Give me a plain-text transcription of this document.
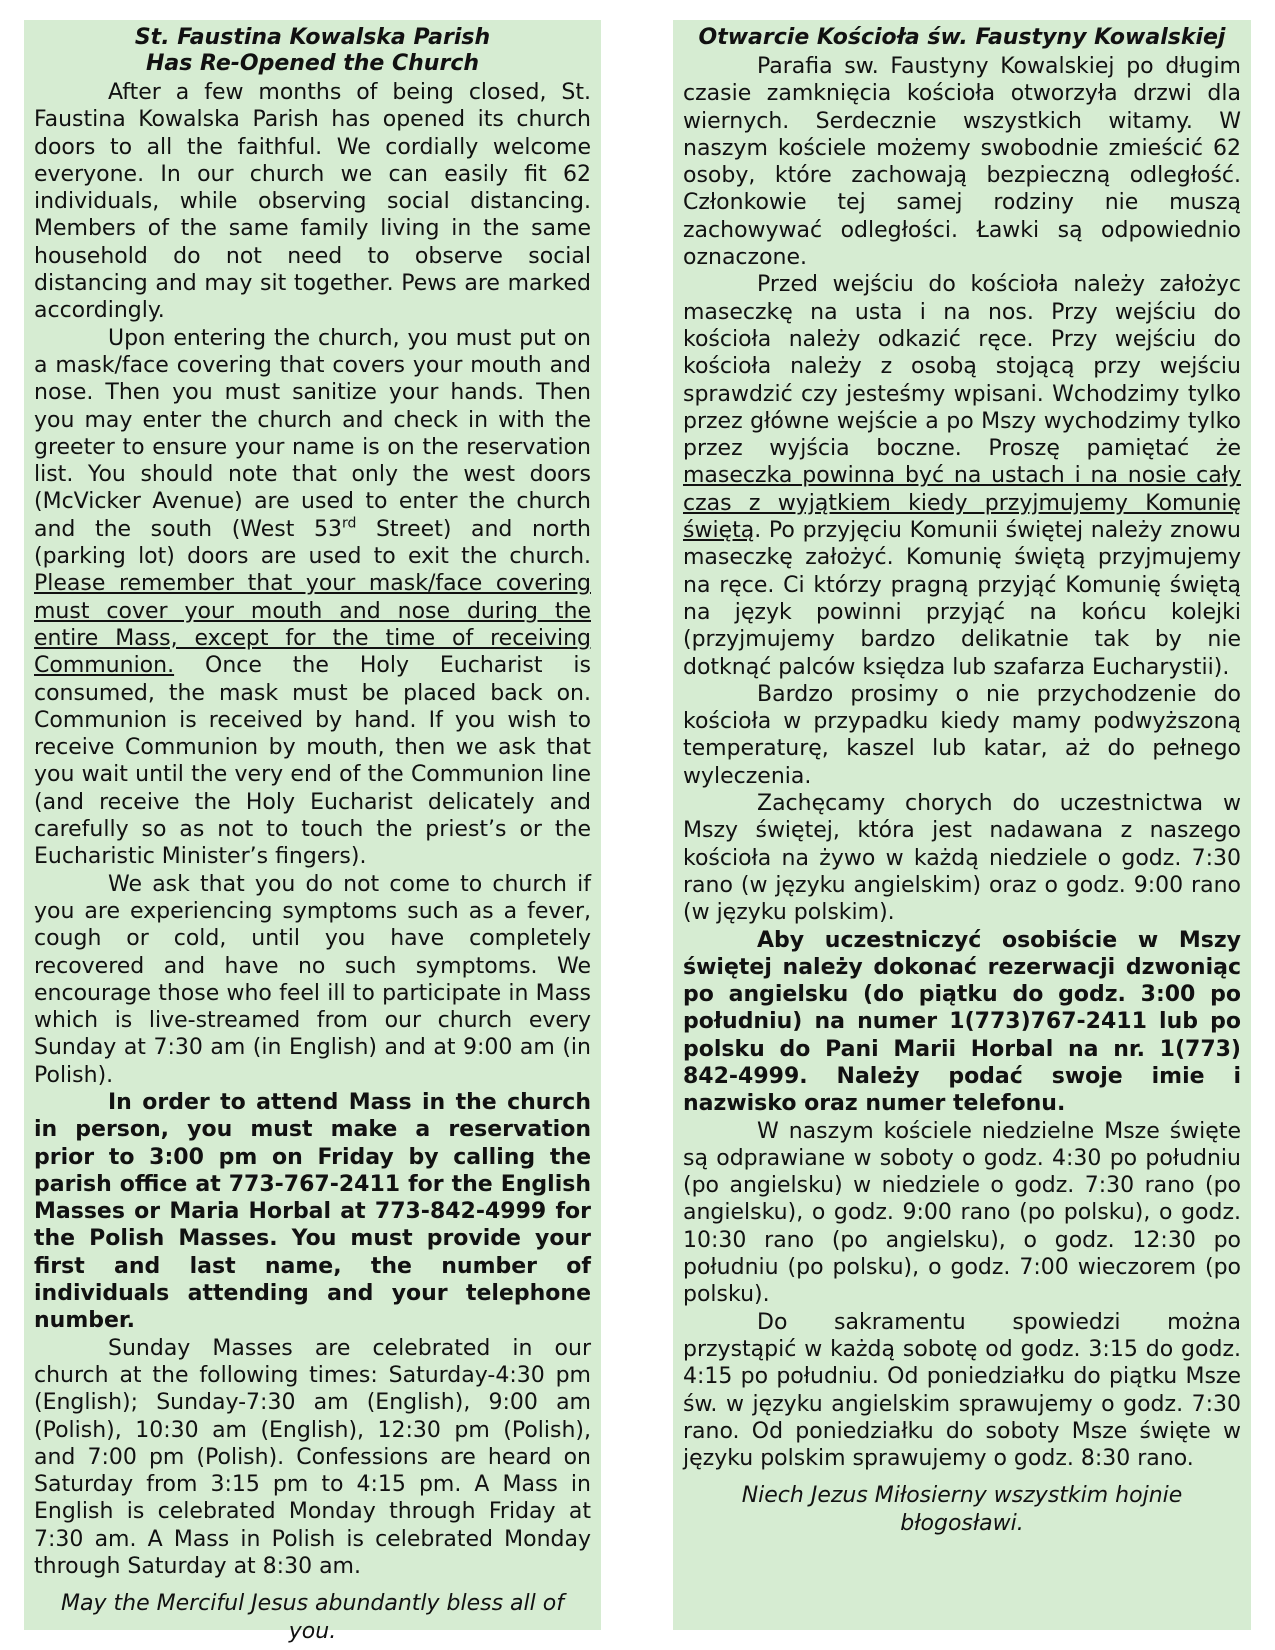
St. Faustina Kowalska Parish
Has Re-Opened the Church

After a few months of being closed, St. Faustina Kowalska Parish has opened its church doors to all the faithful. We cordially welcome everyone. In our church we can easily fit 62 individuals, while observing social distancing. Members of the same family living in the same household do not need to observe social distancing and may sit together. Pews are marked accordingly.

Upon entering the church, you must put on a mask/face covering that covers your mouth and nose. Then you must sanitize your hands. Then you may enter the church and check in with the greeter to ensure your name is on the reservation list. You should note that only the west doors (McVicker Avenue) are used to enter the church and the south (West 53rd Street) and north (parking lot) doors are used to exit the church. Please remember that your mask/face covering must cover your mouth and nose during the entire Mass, except for the time of receiving Communion. Once the Holy Eucharist is consumed, the mask must be placed back on. Communion is received by hand. If you wish to receive Communion by mouth, then we ask that you wait until the very end of the Communion line (and receive the Holy Eucharist delicately and carefully so as not to touch the priest’s or the Eucharistic Minister’s fingers).

We ask that you do not come to church if you are experiencing symptoms such as a fever, cough or cold, until you have completely recovered and have no such symptoms. We encourage those who feel ill to participate in Mass which is live-streamed from our church every Sunday at 7:30 am (in English) and at 9:00 am (in Polish).

In order to attend Mass in the church in person, you must make a reservation prior to 3:00 pm on Friday by calling the parish office at 773-767-2411 for the English Masses or Maria Horbal at 773-842-4999 for the Polish Masses. You must provide your first and last name, the number of individuals attending and your telephone number.

Sunday Masses are celebrated in our church at the following times: Saturday-4:30 pm (English); Sunday-7:30 am (English), 9:00 am (Polish), 10:30 am (English), 12:30 pm (Polish), and 7:00 pm (Polish). Confessions are heard on Saturday from 3:15 pm to 4:15 pm. A Mass in English is celebrated Monday through Friday at 7:30 am. A Mass in Polish is celebrated Monday through Saturday at 8:30 am.

May the Merciful Jesus abundantly bless all of you.

Otwarcie Kościoła św. Faustyny Kowalskiej

Parafia sw. Faustyny Kowalskiej po długim czasie zamknięcia kościoła otworzyła drzwi dla wiernych. Serdecznie wszystkich witamy. W naszym kościele możemy swobodnie zmieścić 62 osoby, które zachowają bezpieczną odległość. Członkowie tej samej rodziny nie muszą zachowywać odległości. Ławki są odpowiednio oznaczone.

Przed wejściu do kościoła należy założyc maseczkę na usta i na nos. Przy wejściu do kościoła należy odkazić ręce. Przy wejściu do kościoła należy z osobą stojącą przy wejściu sprawdzić czy jesteśmy wpisani. Wchodzimy tylko przez główne wejście a po Mszy wychodzimy tylko przez wyjścia boczne. Proszę pamiętać że maseczka powinna być na ustach i na nosie cały czas z wyjątkiem kiedy przyjmujemy Komunię świętą. Po przyjęciu Komunii świętej należy znowu maseczkę założyć. Komunię świętą przyjmujemy na ręce. Ci którzy pragną przyjąć Komunię świętą na język powinni przyjąć na końcu kolejki (przyjmujemy bardzo delikatnie tak by nie dotknąć palców księdza lub szafarza Eucharystii).

Bardzo prosimy o nie przychodzenie do kościoła w przypadku kiedy mamy podwyższoną temperaturę, kaszel lub katar, aż do pełnego wyleczenia.

Zachęcamy chorych do uczestnictwa w Mszy świętej, która jest nadawana z naszego kościoła na żywo w każdą niedziele o godz. 7:30 rano (w języku angielskim) oraz o godz. 9:00 rano (w języku polskim).

Aby uczestniczyć osobiście w Mszy świętej należy dokonać rezerwacji dzwoniąc po angielsku (do piątku do godz. 3:00 po południu) na numer 1(773)767-2411 lub po polsku do Pani Marii Horbal na nr. 1(773) 842-4999. Należy podać swoje imie i nazwisko oraz numer telefonu.

W naszym kościele niedzielne Msze święte są odprawiane w soboty o godz. 4:30 po południu (po angielsku) w niedziele o godz. 7:30 rano (po angielsku), o godz. 9:00 rano (po polsku), o godz. 10:30 rano (po angielsku), o godz. 12:30 po południu (po polsku), o godz. 7:00 wieczorem (po polsku).

Do sakramentu spowiedzi można przystąpić w każdą sobotę od godz. 3:15 do godz. 4:15 po południu. Od poniedziałku do piątku Msze św. w języku angielskim sprawujemy o godz. 7:30 rano. Od poniedziałku do soboty Msze święte w języku polskim sprawujemy o godz. 8:30 rano.

Niech Jezus Miłosierny wszystkim hojnie błogosławi.
